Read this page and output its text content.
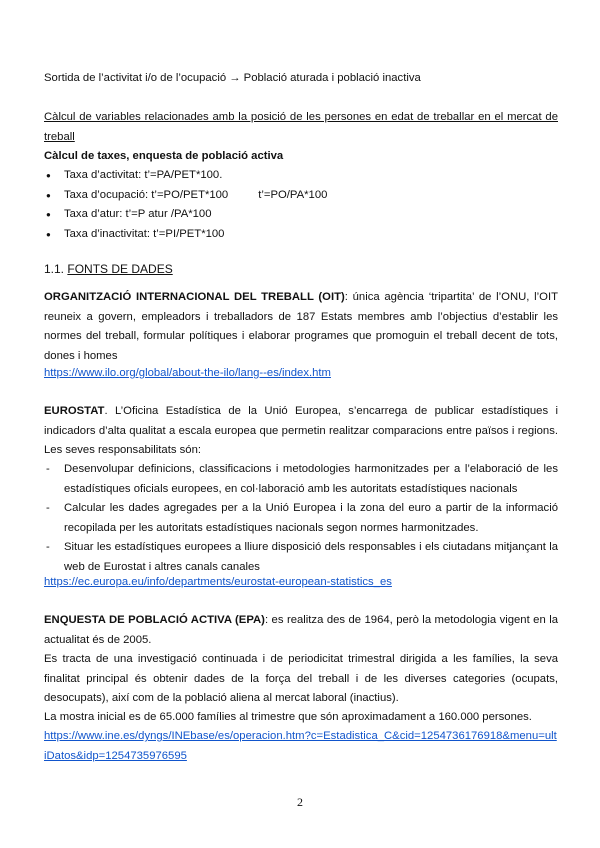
Sortida de l’activitat i/o de l’ocupació → Població aturada i població inactiva
Càlcul de variables relacionades amb la posició de les persones en edat de treballar en el mercat de treball
Càlcul de taxes, enquesta de població activa
● Taxa d’activitat: t’=PA/PET*100.
● Taxa d’ocupació: t’=PO/PET*100	t’=PO/PA*100
● Taxa d’atur: t’=P atur /PA*100
● Taxa d’inactivitat: t’=PI/PET*100
1.1. FONTS DE DADES
ORGANITZACIÓ INTERNACIONAL DEL TREBALL (OIT): única agència ‘tripartita’ de l’ONU, l’OIT reuneix a govern, empleadors i treballadors de 187 Estats membres amb l’objectius d’establir les normes del treball, formular polítiques i elaborar programes que promoguin el treball decent de tots, dones i homes
https://www.ilo.org/global/about-the-ilo/lang--es/index.htm
EUROSTAT. L’Oficina Estadística de la Unió Europea, s’encarrega de publicar estadístiques i indicadors d’alta qualitat a escala europea que permetin realitzar comparacions entre països i regions. Les seves responsabilitats són:
- Desenvolupar definicions, classificacions i metodologies harmonitzades per a l’elaboració de les estadístiques oficials europees, en col·laboració amb les autoritats estadístiques nacionals
- Calcular les dades agregades per a la Unió Europea i la zona del euro a partir de la informació recopilada per les autoritats estadístiques nacionals segon normes harmonitzades.
- Situar les estadístiques europees a lliure disposició dels responsables i els ciutadans mitjançant la web de Eurostat i altres canals canales
https://ec.europa.eu/info/departments/eurostat-european-statistics_es
ENQUESTA DE POBLACIÓ ACTIVA (EPA): es realitza des de 1964, però la metodologia vigent en la actualitat és de 2005.
Es tracta de una investigació continuada i de periodicitat trimestral dirigida a les famílies, la seva finalitat principal és obtenir dades de la força del treball i de les diverses categories (ocupats, desocupats), així com de la població aliena al mercat laboral (inactius).
La mostra inicial es de 65.000 famílies al trimestre que són aproximadament a 160.000 persones.
https://www.ine.es/dyngs/INEbase/es/operacion.htm?c=Estadistica_C&cid=1254736176918&menu=ultiDatos&idp=1254735976595
2
